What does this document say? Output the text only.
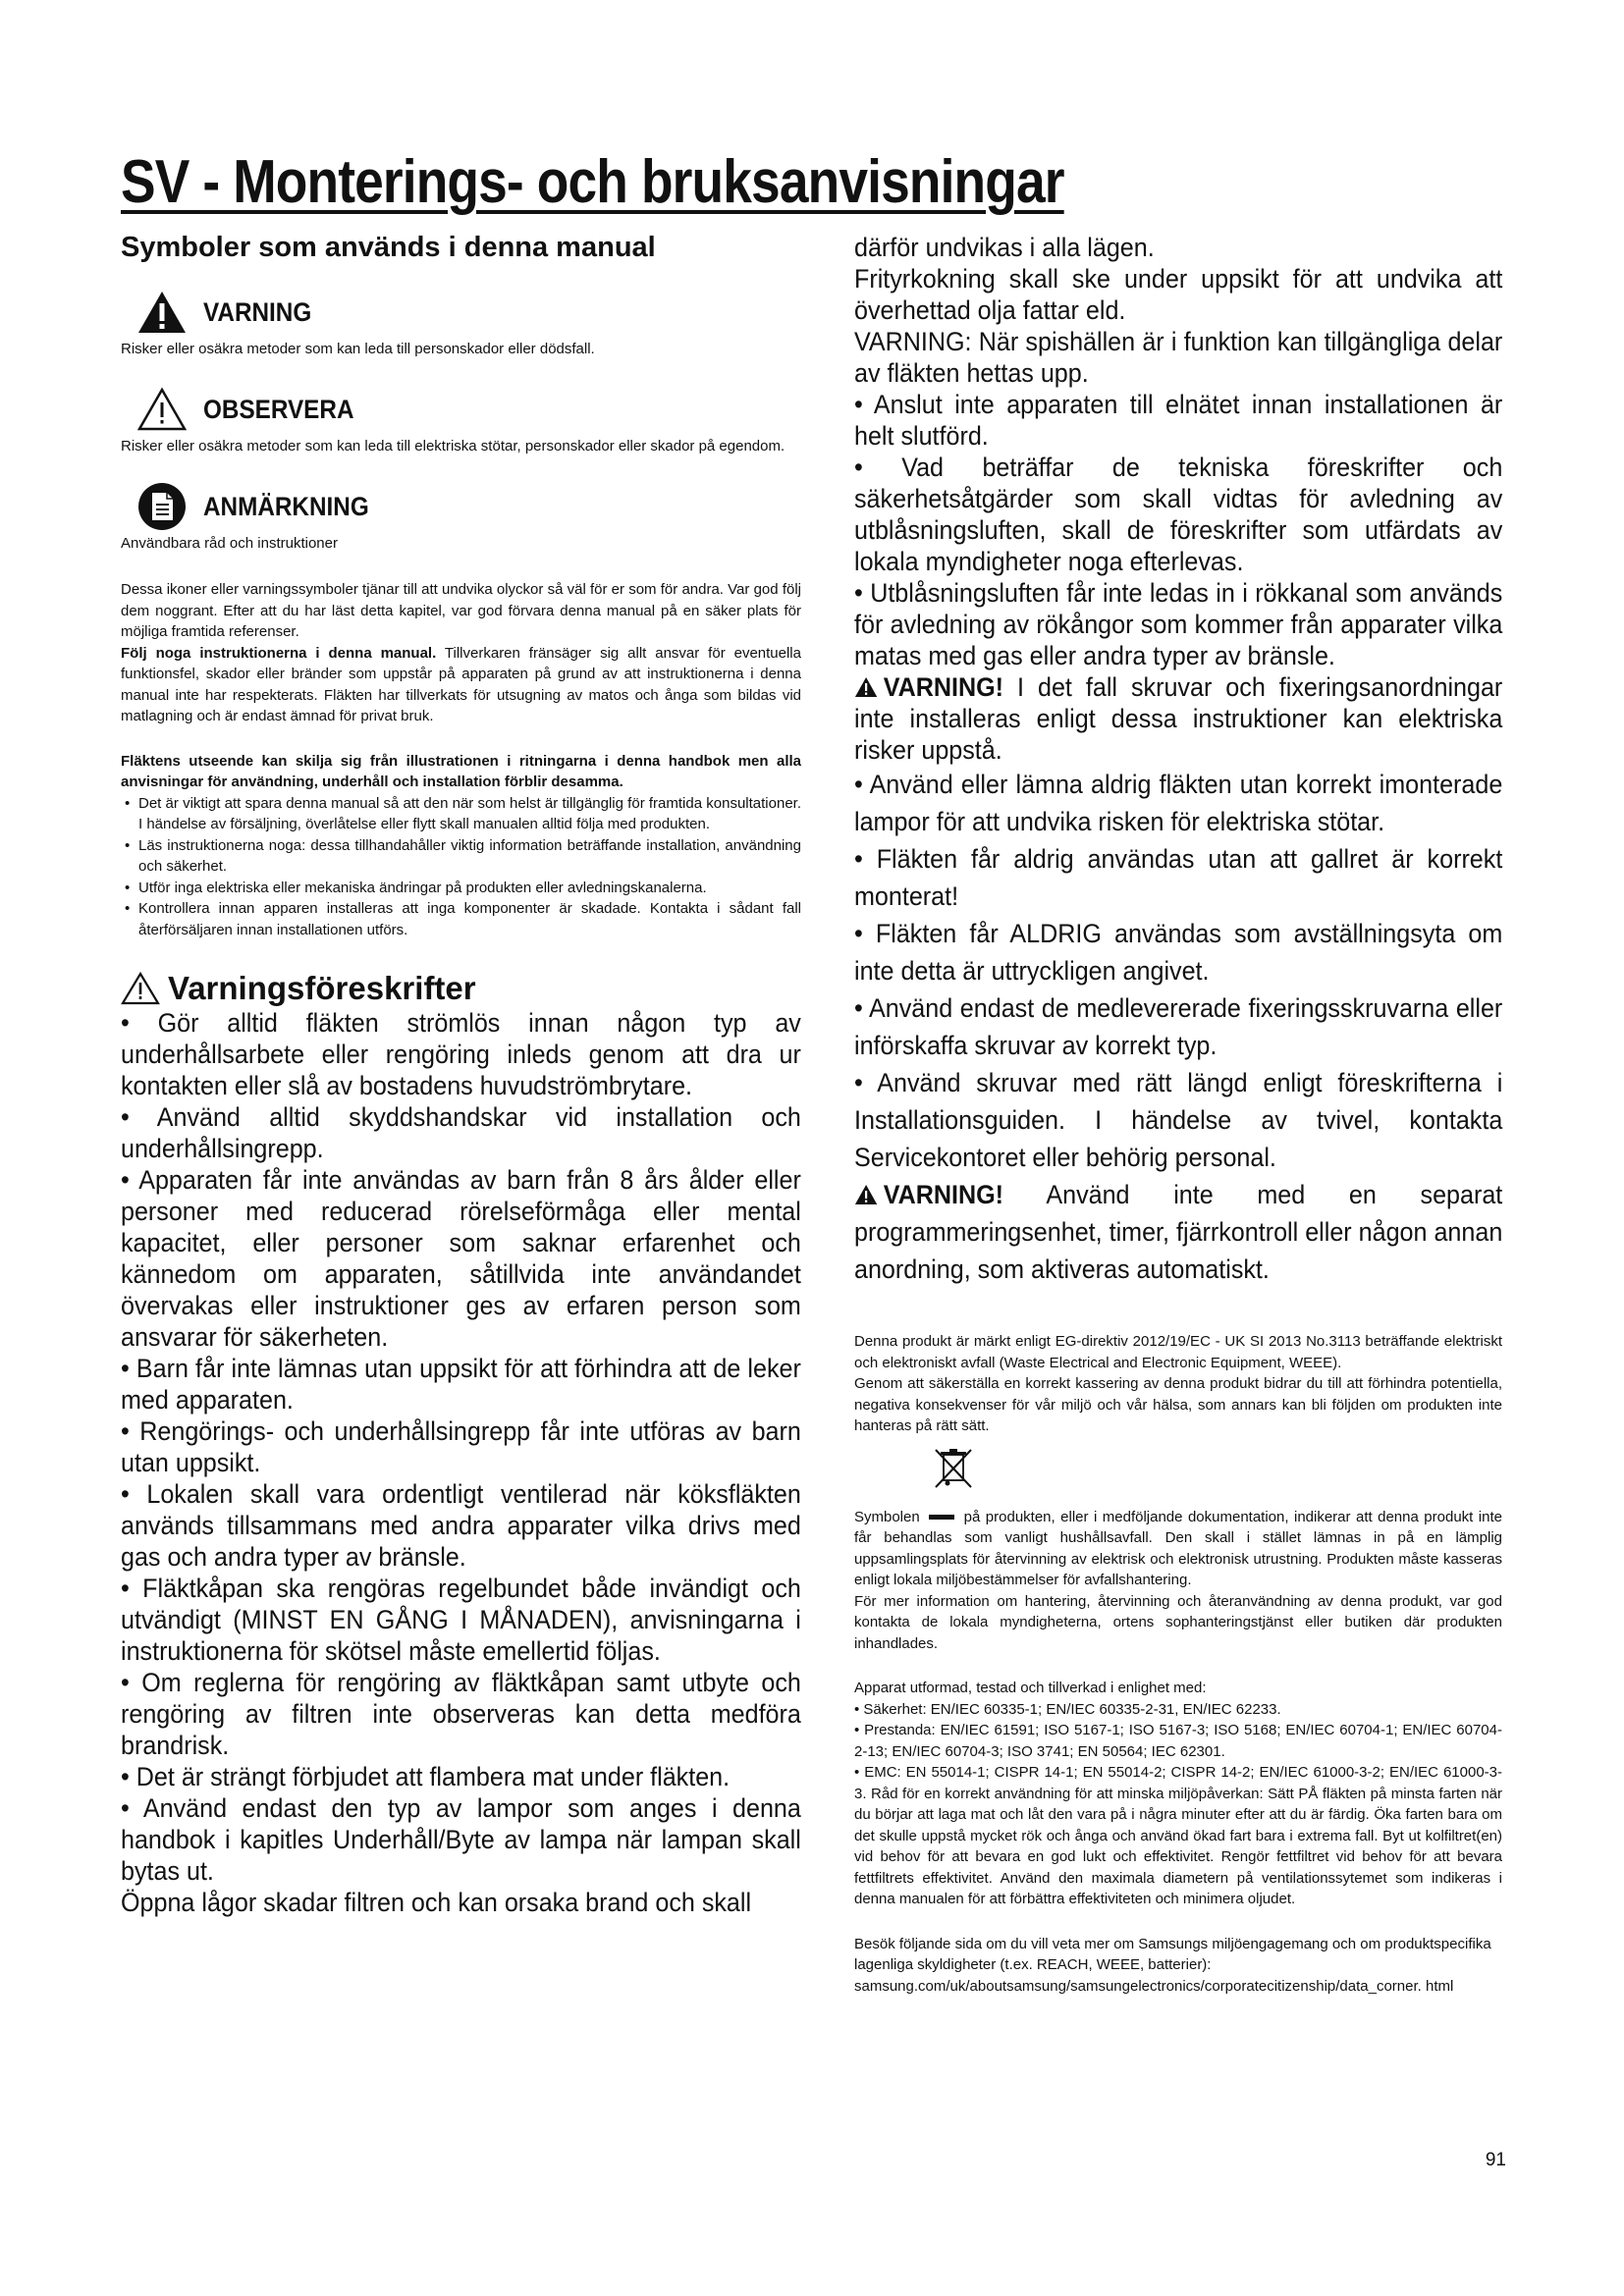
SV - Monterings- och bruksanvisningar
Symboler som används i denna manual
VARNING
Risker eller osäkra metoder som kan leda till personskador eller dödsfall.
OBSERVERA
Risker eller osäkra metoder som kan leda till elektriska stötar, personskador eller skador på egendom.
ANMÄRKNING
Användbara råd och instruktioner

Dessa ikoner eller varningssymboler tjänar till att undvika olyckor så väl för er som för andra. Var god följ dem noggrant. Efter att du har läst detta kapitel, var god förvara denna manual på en säker plats för möjliga framtida referenser.

Följ noga instruktionerna i denna manual. Tillverkaren fränsäger sig allt ansvar för eventuella funktionsfel, skador eller bränder som uppstår på apparaten på grund av att instruktionerna i denna manual inte har respekterats. Fläkten har tillverkats för utsugning av matos och ånga som bildas vid matlagning och är endast ämnad för privat bruk.

Fläktens utseende kan skilja sig från illustrationen i ritningarna i denna handbok men alla anvisningar för användning, underhåll och installation förblir desamma.

• Det är viktigt att spara denna manual så att den när som helst är tillgänglig för framtida konsultationer. I händelse av försäljning, överlåtelse eller flytt skall manualen alltid följa med produkten.
• Läs instruktionerna noga: dessa tillhandahåller viktig information beträffande installation, användning och säkerhet.
• Utför inga elektriska eller mekaniska ändringar på produkten eller avledningskanalerna.
• Kontrollera innan apparen installeras att inga komponenter är skadade. Kontakta i sådant fall återförsäljaren innan installationen utförs.
Varningsföreskrifter

• Gör alltid fläkten strömlös innan någon typ av underhållsarbete eller rengöring inleds genom att dra ur kontakten eller slå av bostadens huvudströmbrytare.

• Använd alltid skyddshandskar vid installation och underhållsingrepp.

• Apparaten får inte användas av barn från 8 års ålder eller personer med reducerad rörelseförmåga eller mental kapacitet, eller personer som saknar erfarenhet och kännedom om apparaten, såtillvida inte användandet övervakas eller instruktioner ges av erfaren person som ansvarar för säkerheten.

• Barn får inte lämnas utan uppsikt för att förhindra att de leker med apparaten.

• Rengörings- och underhållsingrepp får inte utföras av barn utan uppsikt.

• Lokalen skall vara ordentligt ventilerad när köksfläkten används tillsammans med andra apparater vilka drivs med gas och andra typer av bränsle.

• Fläktkåpan ska rengöras regelbundet både invändigt och utvändigt (MINST EN GÅNG I MÅNADEN), anvisningarna i instruktionerna för skötsel måste emellertid följas.

• Om reglerna för rengöring av fläktkåpan samt utbyte och rengöring av filtren inte observeras kan detta medföra brandrisk.

• Det är strängt förbjudet att flambera mat under fläkten.

• Använd endast den typ av lampor som anges i denna handbok i kapitles Underhåll/Byte av lampa när lampan skall bytas ut.

Öppna lågor skadar filtren och kan orsaka brand och skall

därför undvikas i alla lägen.

Frityrkokning skall ske under uppsikt för att undvika att överhettad olja fattar eld.

VARNING: När spishällen är i funktion kan tillgängliga delar av fläkten hettas upp.

• Anslut inte apparaten till elnätet innan installationen är helt slutförd.

• Vad beträffar de tekniska föreskrifter och säkerhetsåtgärder som skall vidtas för avledning av utblåsningsluften, skall de föreskrifter som utfärdats av lokala myndigheter noga efterlevas.

• Utblåsningsluften får inte ledas in i rökkanal som används för avledning av rökångor som kommer från apparater vilka matas med gas eller andra typer av bränsle.

VARNING! I det fall skruvar och fixeringsanordningar inte installeras enligt dessa instruktioner kan elektriska risker uppstå.

• Använd eller lämna aldrig fläkten utan korrekt imonterade lampor för att undvika risken för elektriska stötar.

• Fläkten får aldrig användas utan att gallret är korrekt monterat!

• Fläkten får ALDRIG användas som avställningsyta om inte detta är uttryckligen angivet.

• Använd endast de medlevererade fixeringsskruvarna eller införskaffa skruvar av korrekt typ.

• Använd skruvar med rätt längd enligt föreskrifterna i Installationsguiden. I händelse av tvivel, kontakta Servicekontoret eller behörig personal.

VARNING! Använd inte med en separat programmeringsenhet, timer, fjärrkontroll eller någon annan anordning, som aktiveras automatiskt.

Denna produkt är märkt enligt EG-direktiv 2012/19/EC - UK SI 2013 No.3113 beträffande elektriskt och elektroniskt avfall (Waste Electrical and Electronic Equipment, WEEE).

Genom att säkerställa en korrekt kassering av denna produkt bidrar du till att förhindra potentiella, negativa konsekvenser för vår miljö och vår hälsa, som annars kan bli följden om produkten inte hanteras på rätt sätt.

Symbolen	på produkten, eller i medföljande dokumentation, indikerar att denna produkt inte får behandlas som vanligt hushållsavfall. Den skall i stället lämnas in på en lämplig uppsamlingsplats för återvinning av elektrisk och elektronisk utrustning. Produkten måste kasseras enligt lokala miljöbestämmelser för avfallshantering.

För mer information om hantering, återvinning och återanvändning av denna produkt, var god kontakta de lokala myndigheterna, ortens sophanteringstjänst eller butiken där produkten inhandlades.

Apparat utformad, testad och tillverkad i enlighet med:

• Säkerhet: EN/IEC 60335-1; EN/IEC 60335-2-31, EN/IEC 62233.

• Prestanda: EN/IEC 61591; ISO 5167-1; ISO 5167-3; ISO 5168; EN/IEC 60704-1; EN/IEC 60704-2-13; EN/IEC 60704-3; ISO 3741; EN 50564; IEC 62301.

• EMC: EN 55014-1; CISPR 14-1; EN 55014-2; CISPR 14-2; EN/IEC 61000-3-2; EN/IEC 61000-3-3. Råd för en korrekt användning för att minska miljöpåverkan: Sätt PÅ fläkten på minsta farten när du börjar att laga mat och låt den vara på i några minuter efter att du är färdig. Öka farten bara om det skulle uppstå mycket rök och ånga och använd ökad fart bara i extrema fall. Byt ut kolfiltret(en) vid behov för att bevara en god lukt och effektivitet. Rengör fettfiltret vid behov för att bevara fettfiltrets effektivitet. Använd den maximala diametern på ventilationssytemet som indikeras i denna manualen för att förbättra effektiviteten och minimera oljudet.

Besök följande sida om du vill veta mer om Samsungs miljöengagemang och om produktspecifika lagenliga skyldigheter (t.ex. REACH, WEEE, batterier): samsung.com/uk/aboutsamsung/samsungelectronics/corporatecitizenship/data_corner. html

91
